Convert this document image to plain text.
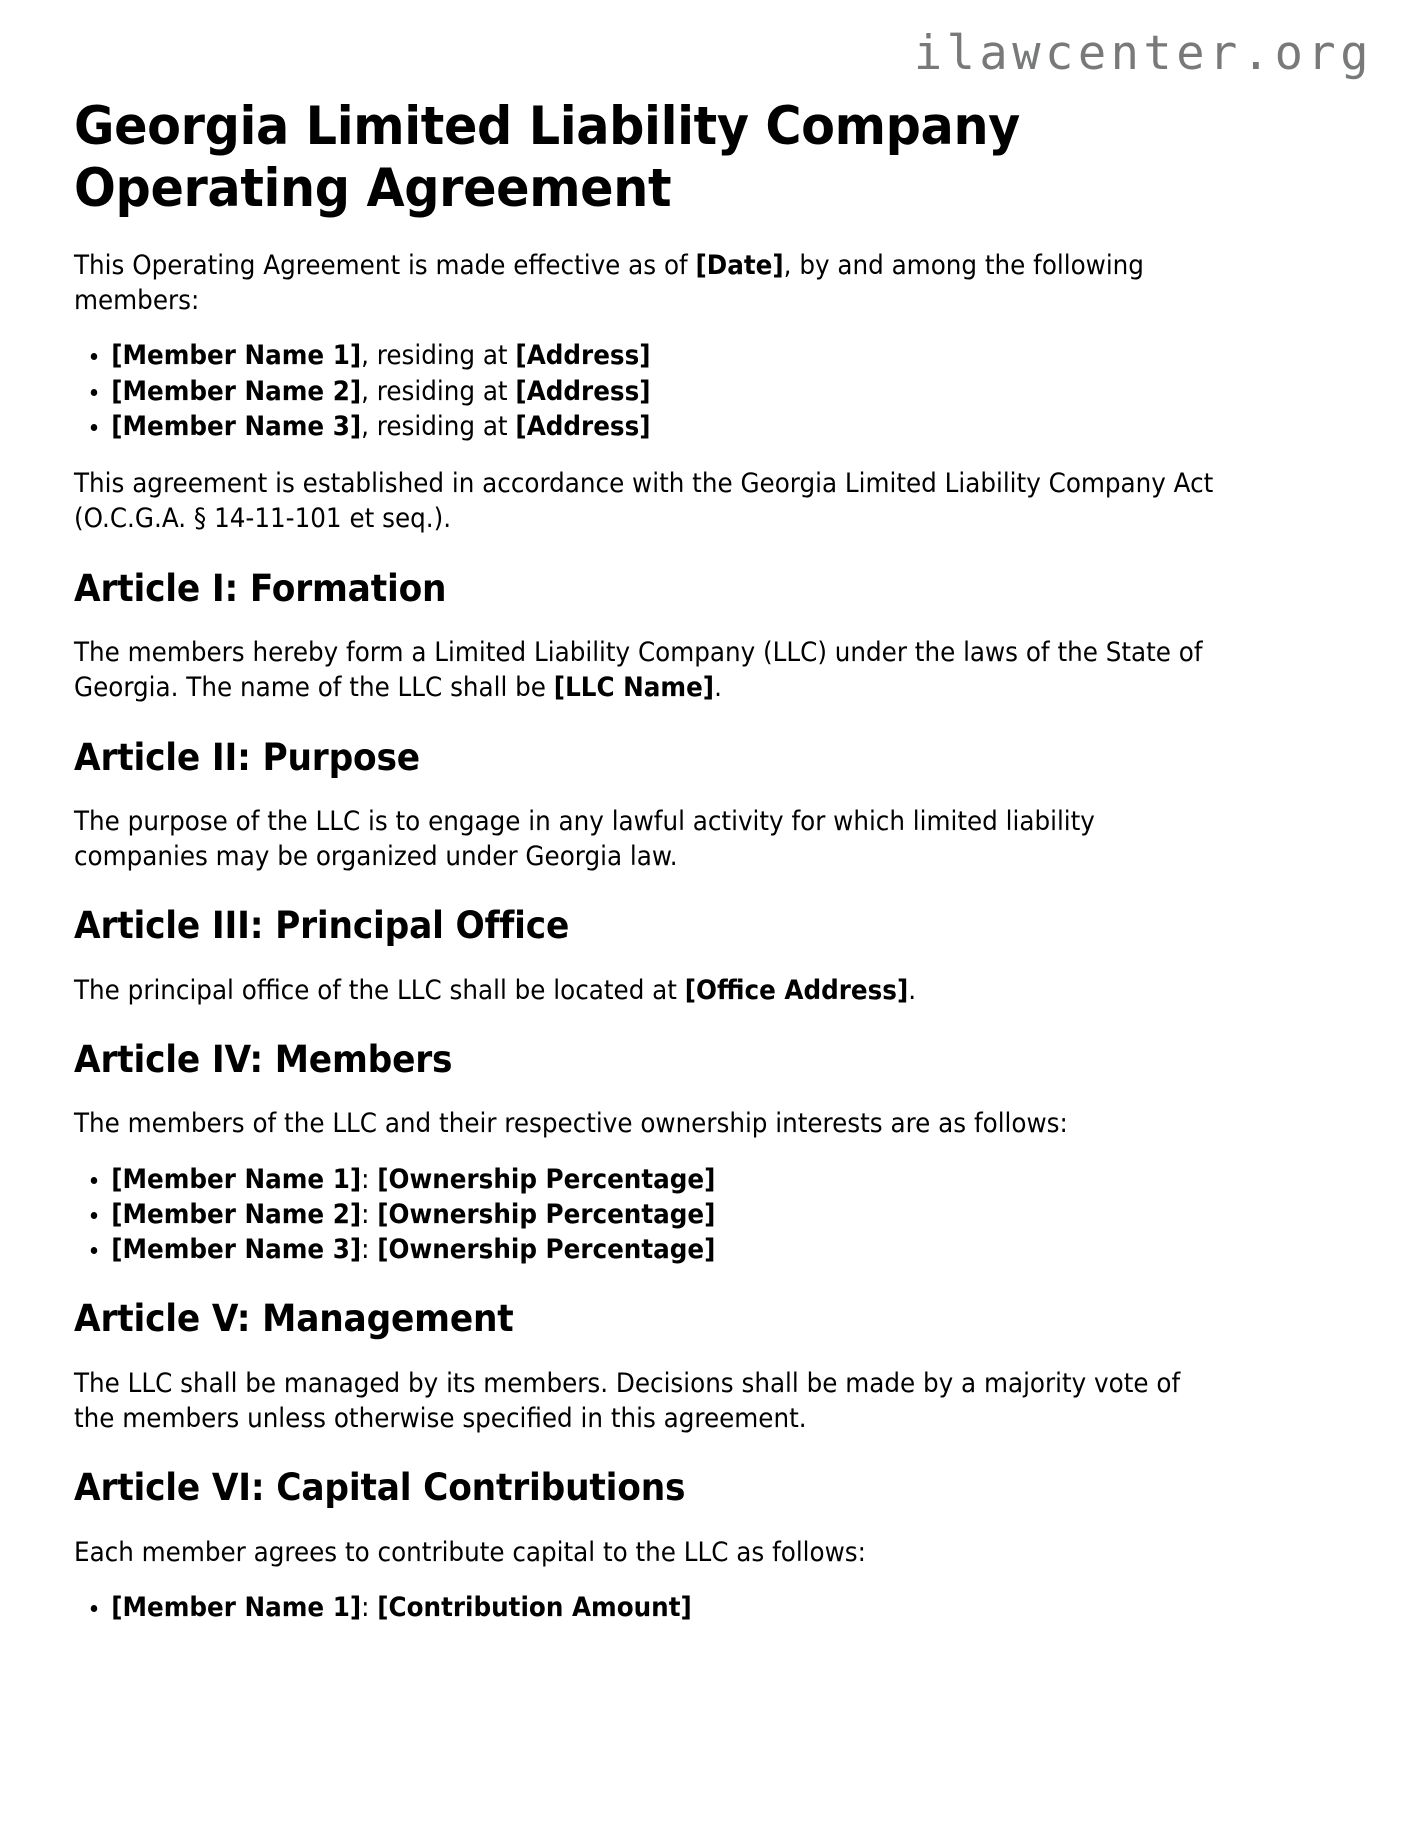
ilawcenter.org
Georgia Limited Liability Company
Operating Agreement

This Operating Agreement is made effective as of [Date], by and among the following members:

[Member Name 1], residing at [Address]
[Member Name 2], residing at [Address]
[Member Name 3], residing at [Address]

This agreement is established in accordance with the Georgia Limited Liability Company Act (O.C.G.A. § 14-11-101 et seq.).

Article I: Formation

The members hereby form a Limited Liability Company (LLC) under the laws of the State of Georgia. The name of the LLC shall be [LLC Name].

Article II: Purpose

The purpose of the LLC is to engage in any lawful activity for which limited liability companies may be organized under Georgia law.

Article III: Principal Office

The principal office of the LLC shall be located at [Office Address].

Article IV: Members

The members of the LLC and their respective ownership interests are as follows:

[Member Name 1]: [Ownership Percentage]
[Member Name 2]: [Ownership Percentage]
[Member Name 3]: [Ownership Percentage]
Article V: Management

The LLC shall be managed by its members. Decisions shall be made by a majority vote of the members unless otherwise specified in this agreement.

Article VI: Capital Contributions

Each member agrees to contribute capital to the LLC as follows:

[Member Name 1]: [Contribution Amount]
